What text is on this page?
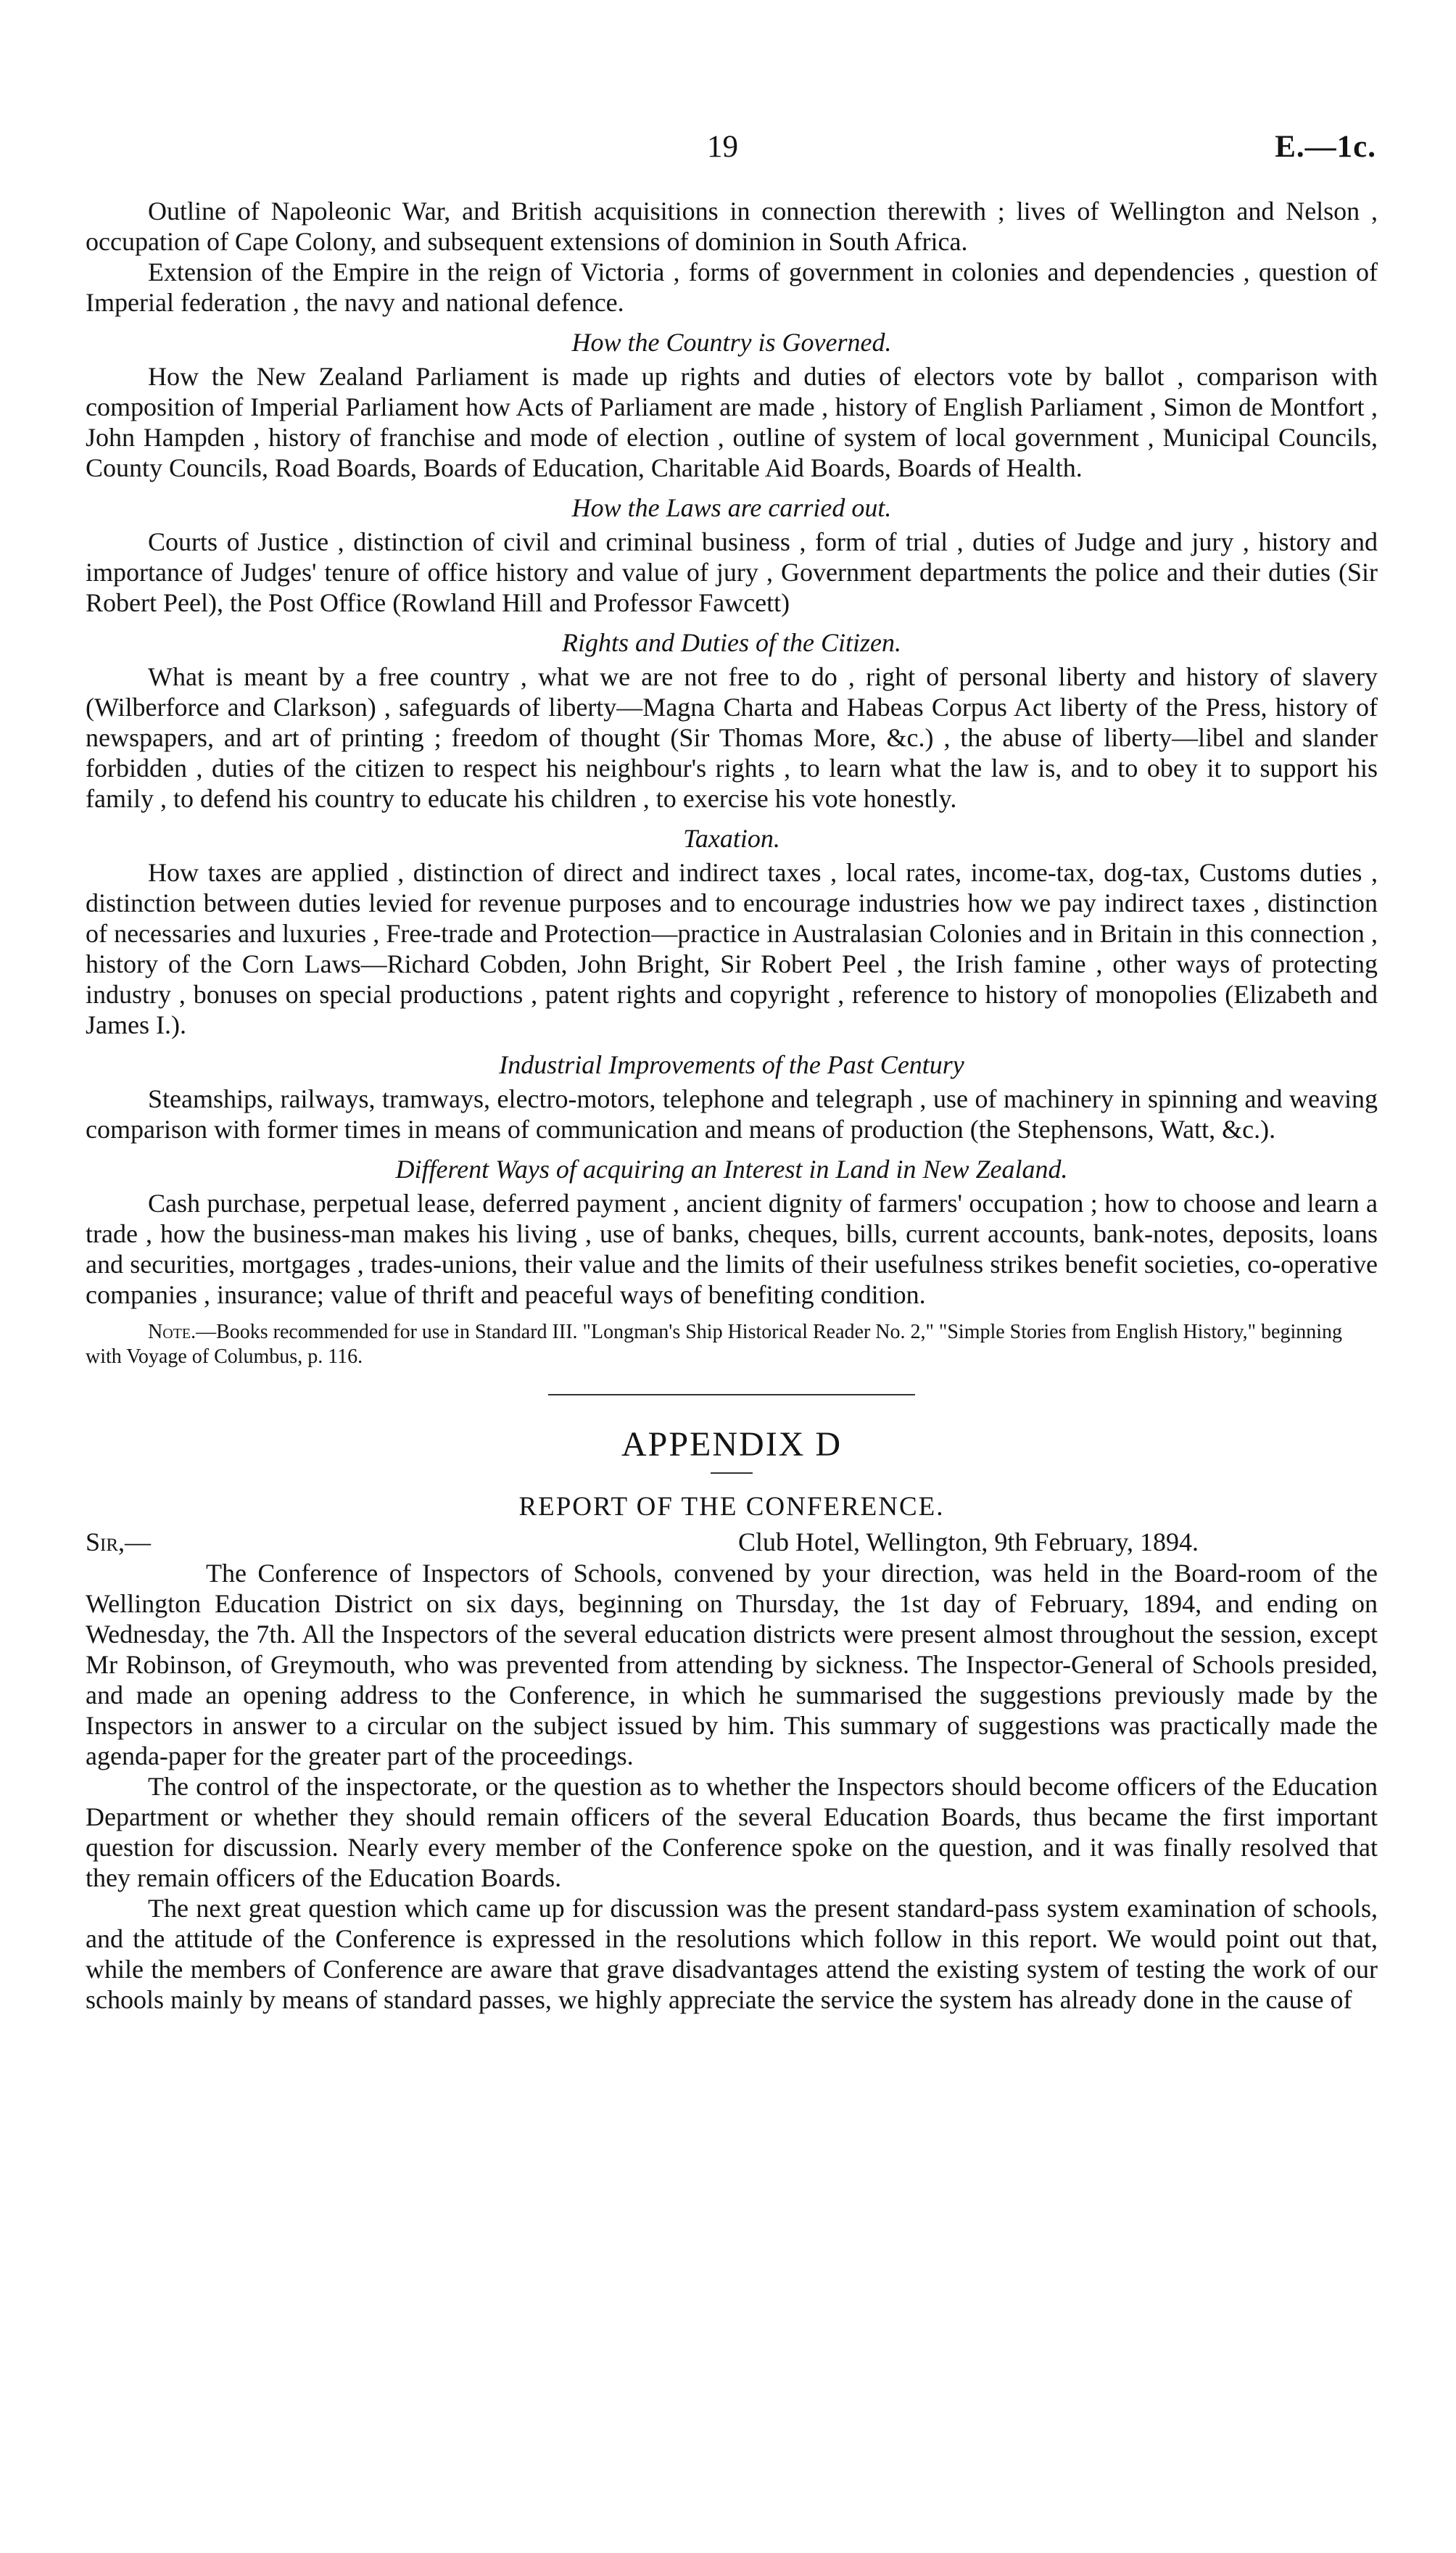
19	E.—1c.

Outline of Napoleonic War, and British acquisitions in connection therewith ; lives of Wellington and Nelson , occupation of Cape Colony, and subsequent extensions of dominion in South Africa.

Extension of the Empire in the reign of Victoria , forms of government in colonies and dependencies , question of Imperial federation , the navy and national defence.

How the Country is Governed.

How the New Zealand Parliament is made up rights and duties of electors vote by ballot , comparison with composition of Imperial Parliament how Acts of Parliament are made , history of English Parliament , Simon de Montfort , John Hampden , history of franchise and mode of election , outline of system of local government , Municipal Councils, County Councils, Road Boards, Boards of Education, Charitable Aid Boards, Boards of Health.

How the Laws are carried out.

Courts of Justice , distinction of civil and criminal business , form of trial , duties of Judge and jury , history and importance of Judges' tenure of office history and value of jury , Government departments the police and their duties (Sir Robert Peel), the Post Office (Rowland Hill and Professor Fawcett)

Rights and Duties of the Citizen.

What is meant by a free country , what we are not free to do , right of personal liberty and history of slavery (Wilberforce and Clarkson) , safeguards of liberty—Magna Charta and Habeas Corpus Act liberty of the Press, history of newspapers, and art of printing ; freedom of thought (Sir Thomas More, &c.) , the abuse of liberty—libel and slander forbidden , duties of the citizen to respect his neighbour's rights , to learn what the law is, and to obey it to support his family , to defend his country to educate his children , to exercise his vote honestly.

Taxation.

How taxes are applied , distinction of direct and indirect taxes , local rates, income-tax, dog-tax, Customs duties , distinction between duties levied for revenue purposes and to encourage industries how we pay indirect taxes , distinction of necessaries and luxuries , Free-trade and Protection—practice in Australasian Colonies and in Britain in this connection , history of the Corn Laws—Richard Cobden, John Bright, Sir Robert Peel , the Irish famine , other ways of protecting industry , bonuses on special productions , patent rights and copyright , reference to history of monopolies (Elizabeth and James I.).

Industrial Improvements of the Past Century

Steamships, railways, tramways, electro-motors, telephone and telegraph , use of machinery in spinning and weaving comparison with former times in means of communication and means of production (the Stephensons, Watt, &c.).

Different Ways of acquiring an Interest in Land in New Zealand.

Cash purchase, perpetual lease, deferred payment , ancient dignity of farmers' occupation ; how to choose and learn a trade , how the business-man makes his living , use of banks, cheques, bills, current accounts, bank-notes, deposits, loans and securities, mortgages , trades-unions, their value and the limits of their usefulness strikes benefit societies, co-operative companies , insurance; value of thrift and peaceful ways of benefiting condition.

Note.—Books recommended for use in Standard III. "Longman's Ship Historical Reader No. 2," "Simple Stories from English History," beginning with Voyage of Columbus, p. 116.
APPENDIX D
REPORT OF THE CONFERENCE.
Sir,—	Club Hotel, Wellington, 9th February, 1894.

The Conference of Inspectors of Schools, convened by your direction, was held in the Board-room of the Wellington Education District on six days, beginning on Thursday, the 1st day of February, 1894, and ending on Wednesday, the 7th. All the Inspectors of the several education districts were present almost throughout the session, except Mr Robinson, of Greymouth, who was prevented from attending by sickness. The Inspector-General of Schools presided, and made an opening address to the Conference, in which he summarised the suggestions previously made by the Inspectors in answer to a circular on the subject issued by him. This summary of suggestions was practically made the agenda-paper for the greater part of the proceedings.

The control of the inspectorate, or the question as to whether the Inspectors should become officers of the Education Department or whether they should remain officers of the several Education Boards, thus became the first important question for discussion. Nearly every member of the Conference spoke on the question, and it was finally resolved that they remain officers of the Education Boards.

The next great question which came up for discussion was the present standard-pass system examination of schools, and the attitude of the Conference is expressed in the resolutions which follow in this report. We would point out that, while the members of Conference are aware that grave disadvantages attend the existing system of testing the work of our schools mainly by means of standard passes, we highly appreciate the service the system has already done in the cause of
